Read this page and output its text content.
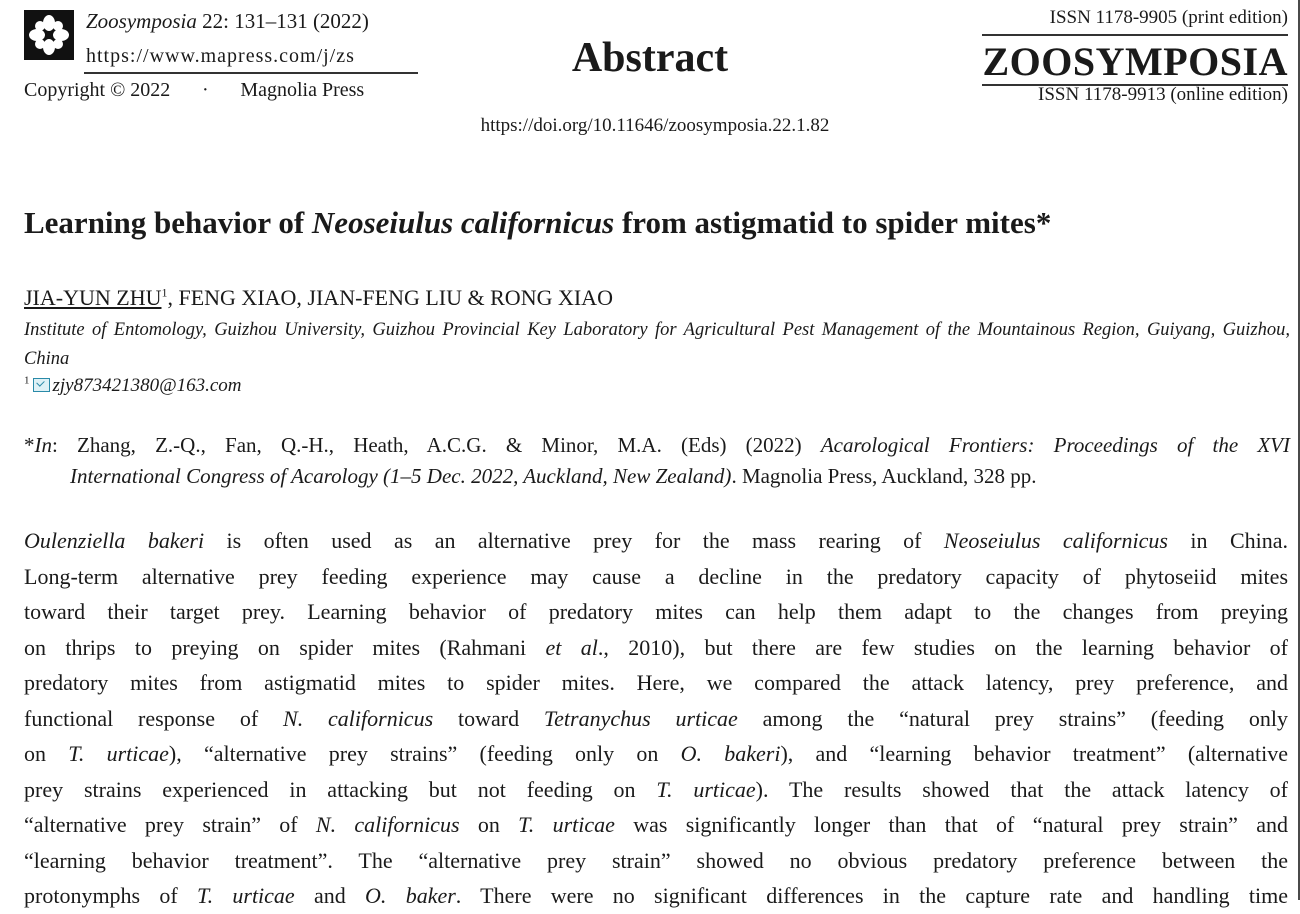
Zoosymposia 22: 131–131 (2022)
https://www.mapress.com/j/zs
Copyright © 2022 · Magnolia Press
Abstract
https://doi.org/10.11646/zoosymposia.22.1.82
ISSN 1178-9905 (print edition)
ZOOSYMPOSIA
ISSN 1178-9913 (online edition)
Learning behavior of Neoseiulus californicus from astigmatid to spider mites*
JIA-YUN ZHU$^1$, FENG XIAO, JIAN-FENG LIU & RONG XIAO
Institute of Entomology, Guizhou University, Guizhou Provincial Key Laboratory for Agricultural Pest Management of the Mountainous Region, Guiyang, Guizhou, China
$^1$ zjy873421380@163.com
*In: Zhang, Z.-Q., Fan, Q.-H., Heath, A.C.G. & Minor, M.A. (Eds) (2022) Acarological Frontiers: Proceedings of the XVI
International Congress of Acarology (1–5 Dec. 2022, Auckland, New Zealand). Magnolia Press, Auckland, 328 pp.
Oulenziella bakeri is often used as an alternative prey for the mass rearing of Neoseiulus californicus in China.
Long-term alternative prey feeding experience may cause a decline in the predatory capacity of phytoseiid mites
toward their target prey. Learning behavior of predatory mites can help them adapt to the changes from preying
on thrips to preying on spider mites (Rahmani et al., 2010), but there are few studies on the learning behavior of
predatory mites from astigmatid mites to spider mites. Here, we compared the attack latency, prey preference, and
functional response of N. californicus toward Tetranychus urticae among the “natural prey strains” (feeding only
on T. urticae), “alternative prey strains” (feeding only on O. bakeri), and “learning behavior treatment” (alternative
prey strains experienced in attacking but not feeding on T. urticae). The results showed that the attack latency of
“alternative prey strain” of N. californicus on T. urticae was significantly longer than that of “natural prey strain” and
“learning behavior treatment”. The “alternative prey strain” showed no obvious predatory preference between the
protonymphs of T. urticae and O. baker. There were no significant differences in the capture rate and handling time
